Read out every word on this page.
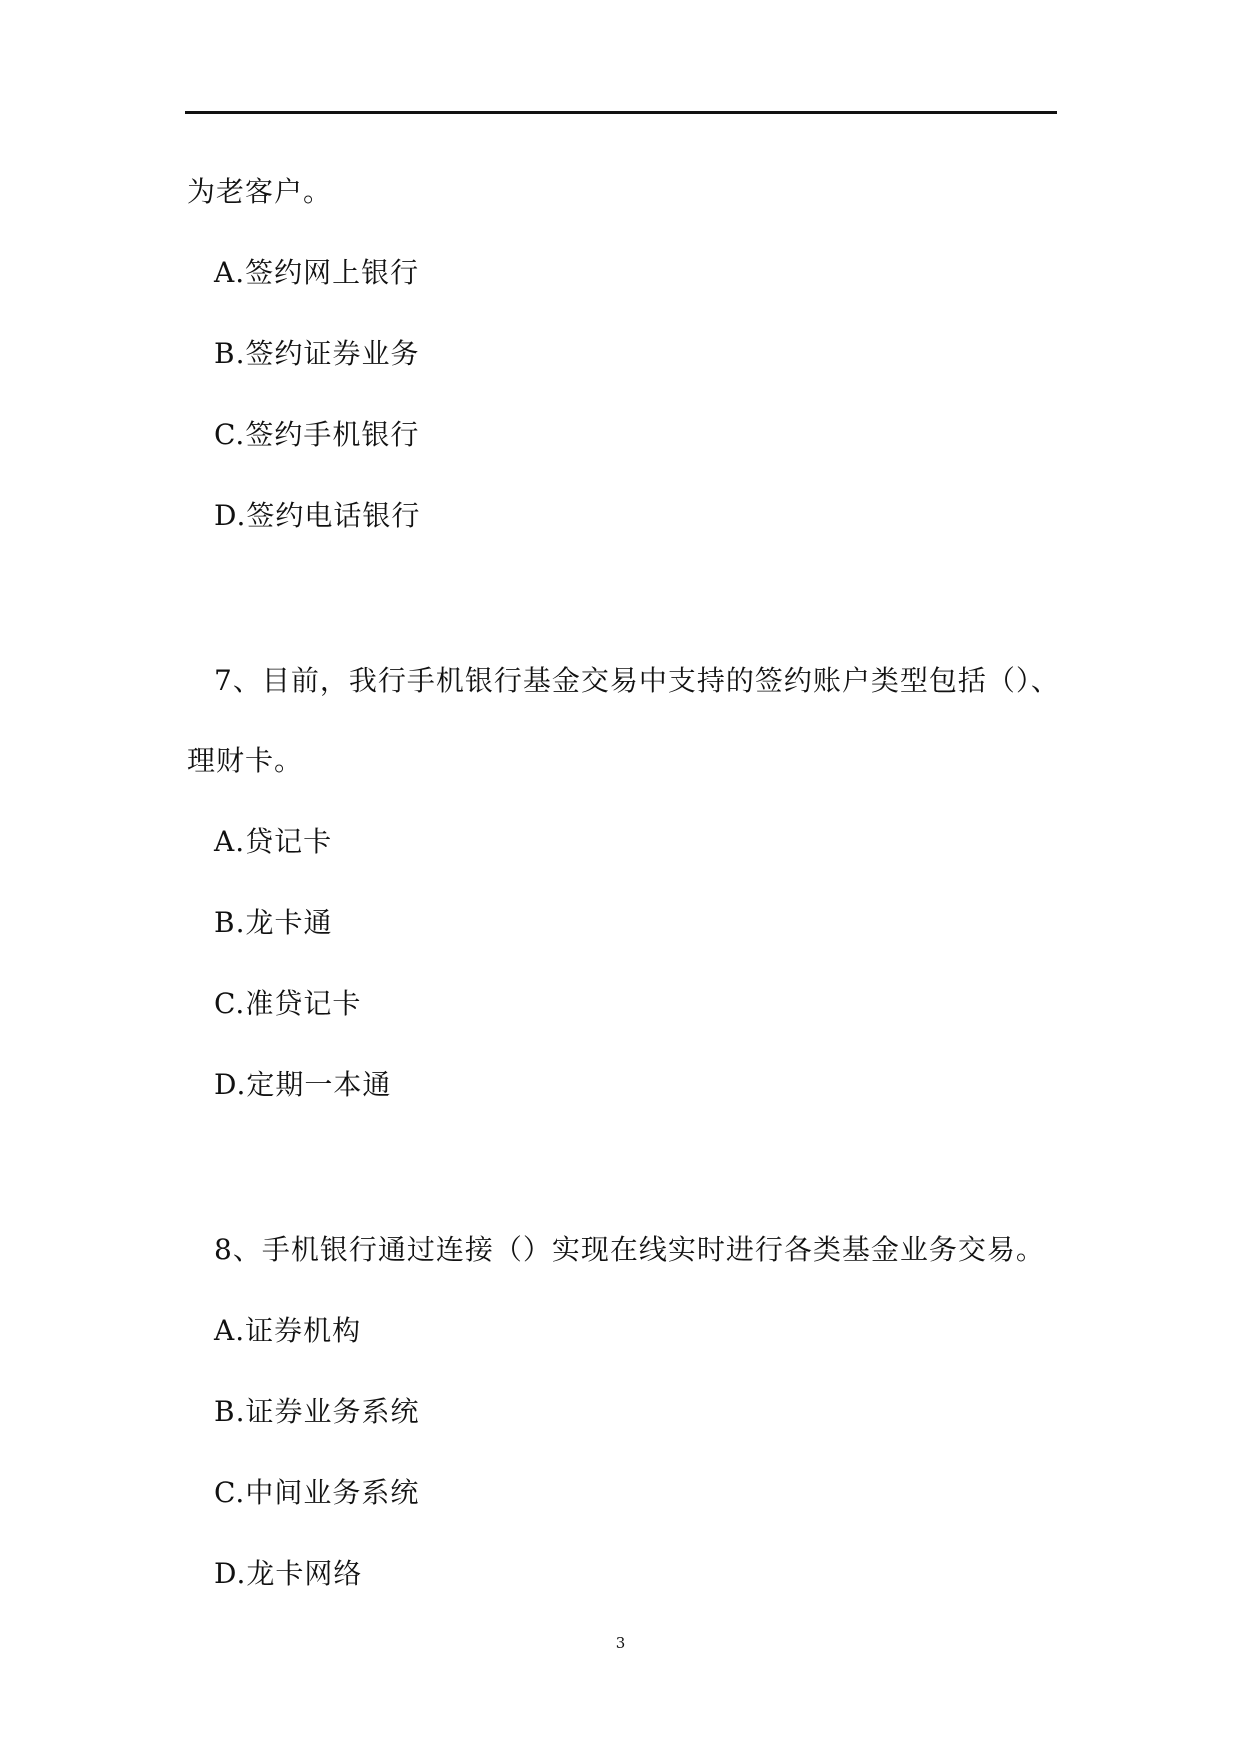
为老客户。
A.签约网上银行
B.签约证券业务
C.签约手机银行
D.签约电话银行
7、目前，我行手机银行基金交易中支持的签约账户类型包括（）、
理财卡。
A.贷记卡
B.龙卡通
C.准贷记卡
D.定期一本通
8、手机银行通过连接（）实现在线实时进行各类基金业务交易。
A.证券机构
B.证券业务系统
C.中间业务系统
D.龙卡网络
3
